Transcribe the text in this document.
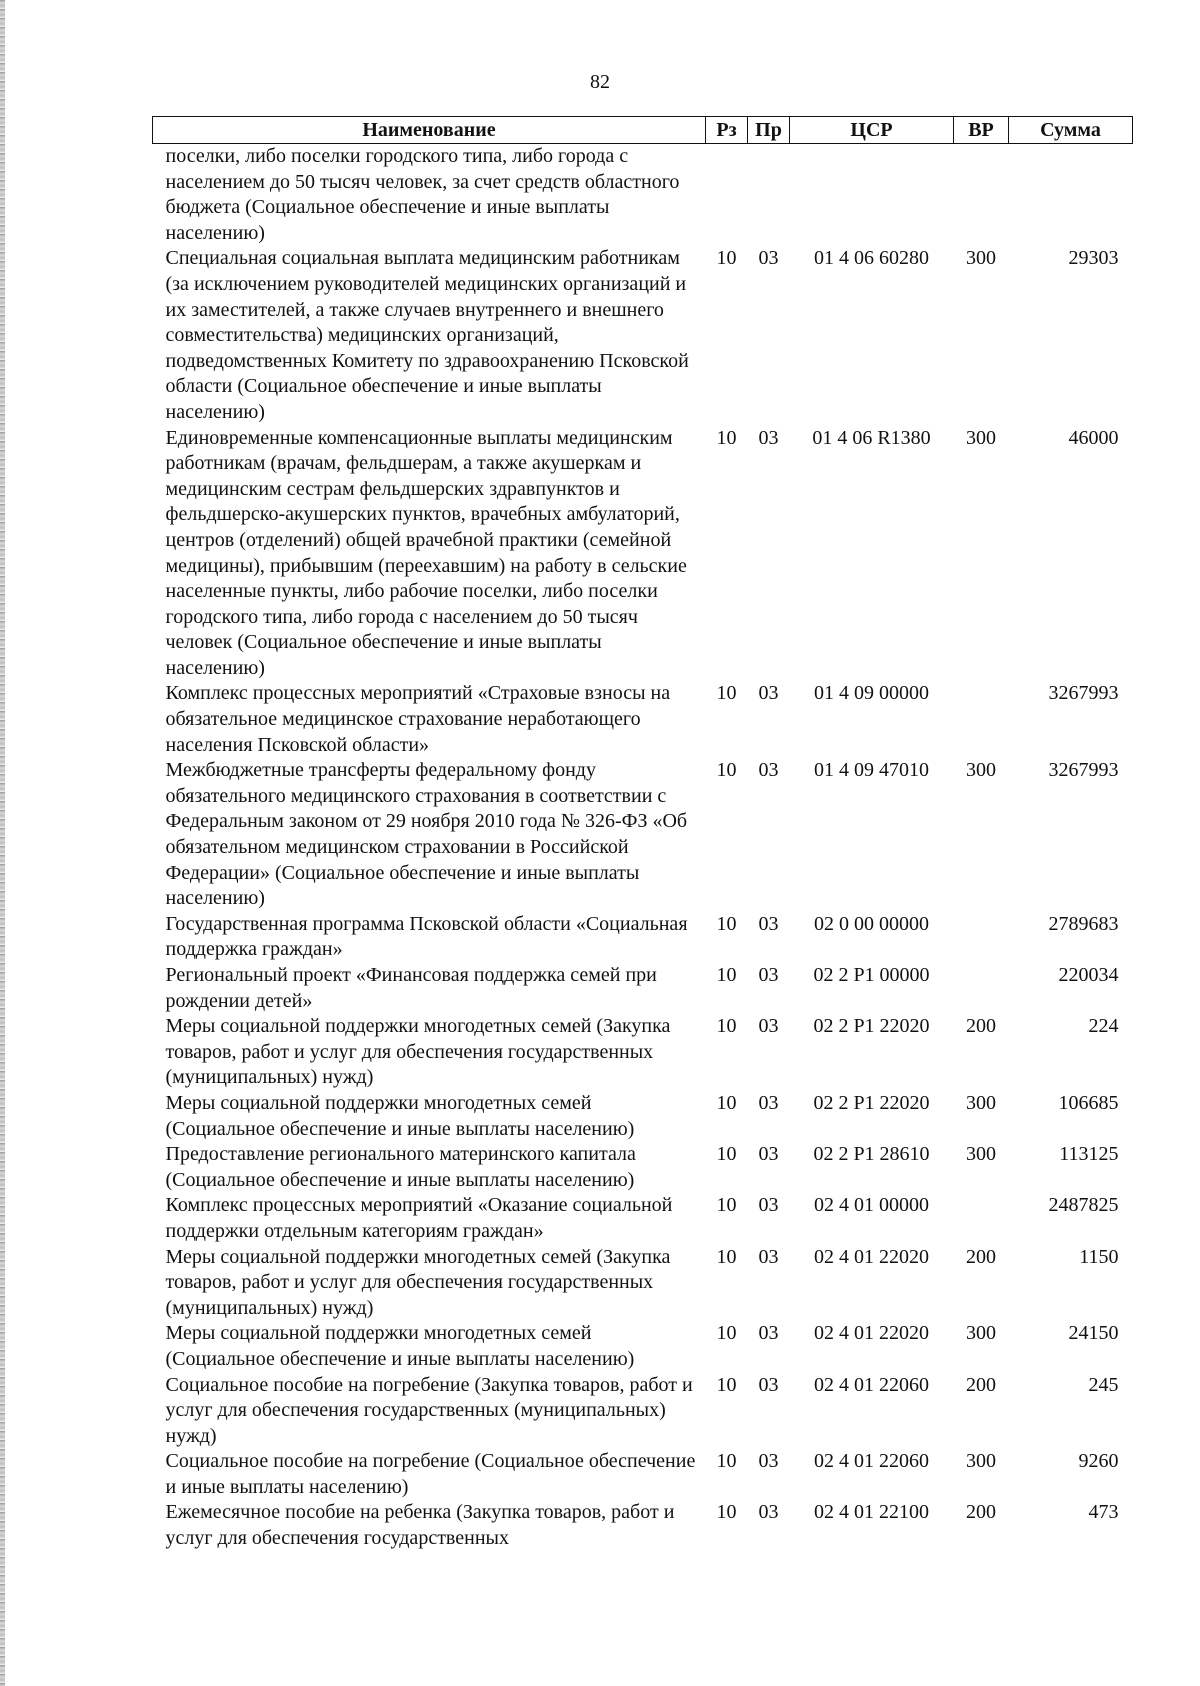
82
Наименование	Рз	Пр	ЦСР	ВР	Сумма
поселки, либо поселки городского типа, либо города с населением до 50 тысяч человек, за счет средств областного бюджета (Социальное обеспечение и иные выплаты населению)					
Специальная социальная выплата медицинским работникам (за исключением руководителей медицинских организаций и их заместителей, а также случаев внутреннего и внешнего совместительства) медицинских организаций, подведомственных Комитету по здравоохранению Псковской области (Социальное обеспечение и иные выплаты населению)	10	03	01 4 06 60280	300	29303
Единовременные компенсационные выплаты медицинским работникам (врачам, фельдшерам, а также акушеркам и медицинским сестрам фельдшерских здравпунктов и фельдшерско-акушерских пунктов, врачебных амбулаторий, центров (отделений) общей врачебной практики (семейной медицины), прибывшим (переехавшим) на работу в сельские населенные пункты, либо рабочие поселки, либо поселки городского типа, либо города с населением до 50 тысяч человек (Социальное обеспечение и иные выплаты населению)	10	03	01 4 06 R1380	300	46000
Комплекс процессных мероприятий «Страховые взносы на обязательное медицинское страхование неработающего населения Псковской области»	10	03	01 4 09 00000		3267993
Межбюджетные трансферты федеральному фонду обязательного медицинского страхования в соответствии с Федеральным законом от 29 ноября 2010 года № 326-ФЗ «Об обязательном медицинском страховании в Российской Федерации» (Социальное обеспечение и иные выплаты населению)	10	03	01 4 09 47010	300	3267993
Государственная программа Псковской области «Социальная поддержка граждан»	10	03	02 0 00 00000		2789683
Региональный проект «Финансовая поддержка семей при рождении детей»	10	03	02 2 P1 00000		220034
Меры социальной поддержки многодетных семей (Закупка товаров, работ и услуг для обеспечения государственных (муниципальных) нужд)	10	03	02 2 P1 22020	200	224
Меры социальной поддержки многодетных семей (Социальное обеспечение и иные выплаты населению)	10	03	02 2 P1 22020	300	106685
Предоставление регионального материнского капитала (Социальное обеспечение и иные выплаты населению)	10	03	02 2 P1 28610	300	113125
Комплекс процессных мероприятий «Оказание социальной поддержки отдельным категориям граждан»	10	03	02 4 01 00000		2487825
Меры социальной поддержки многодетных семей (Закупка товаров, работ и услуг для обеспечения государственных (муниципальных) нужд)	10	03	02 4 01 22020	200	1150
Меры социальной поддержки многодетных семей (Социальное обеспечение и иные выплаты населению)	10	03	02 4 01 22020	300	24150
Социальное пособие на погребение (Закупка товаров, работ и услуг для обеспечения государственных (муниципальных) нужд)	10	03	02 4 01 22060	200	245
Социальное пособие на погребение (Социальное обеспечение и иные выплаты населению)	10	03	02 4 01 22060	300	9260
Ежемесячное пособие на ребенка (Закупка товаров, работ и услуг для обеспечения государственных	10	03	02 4 01 22100	200	473
